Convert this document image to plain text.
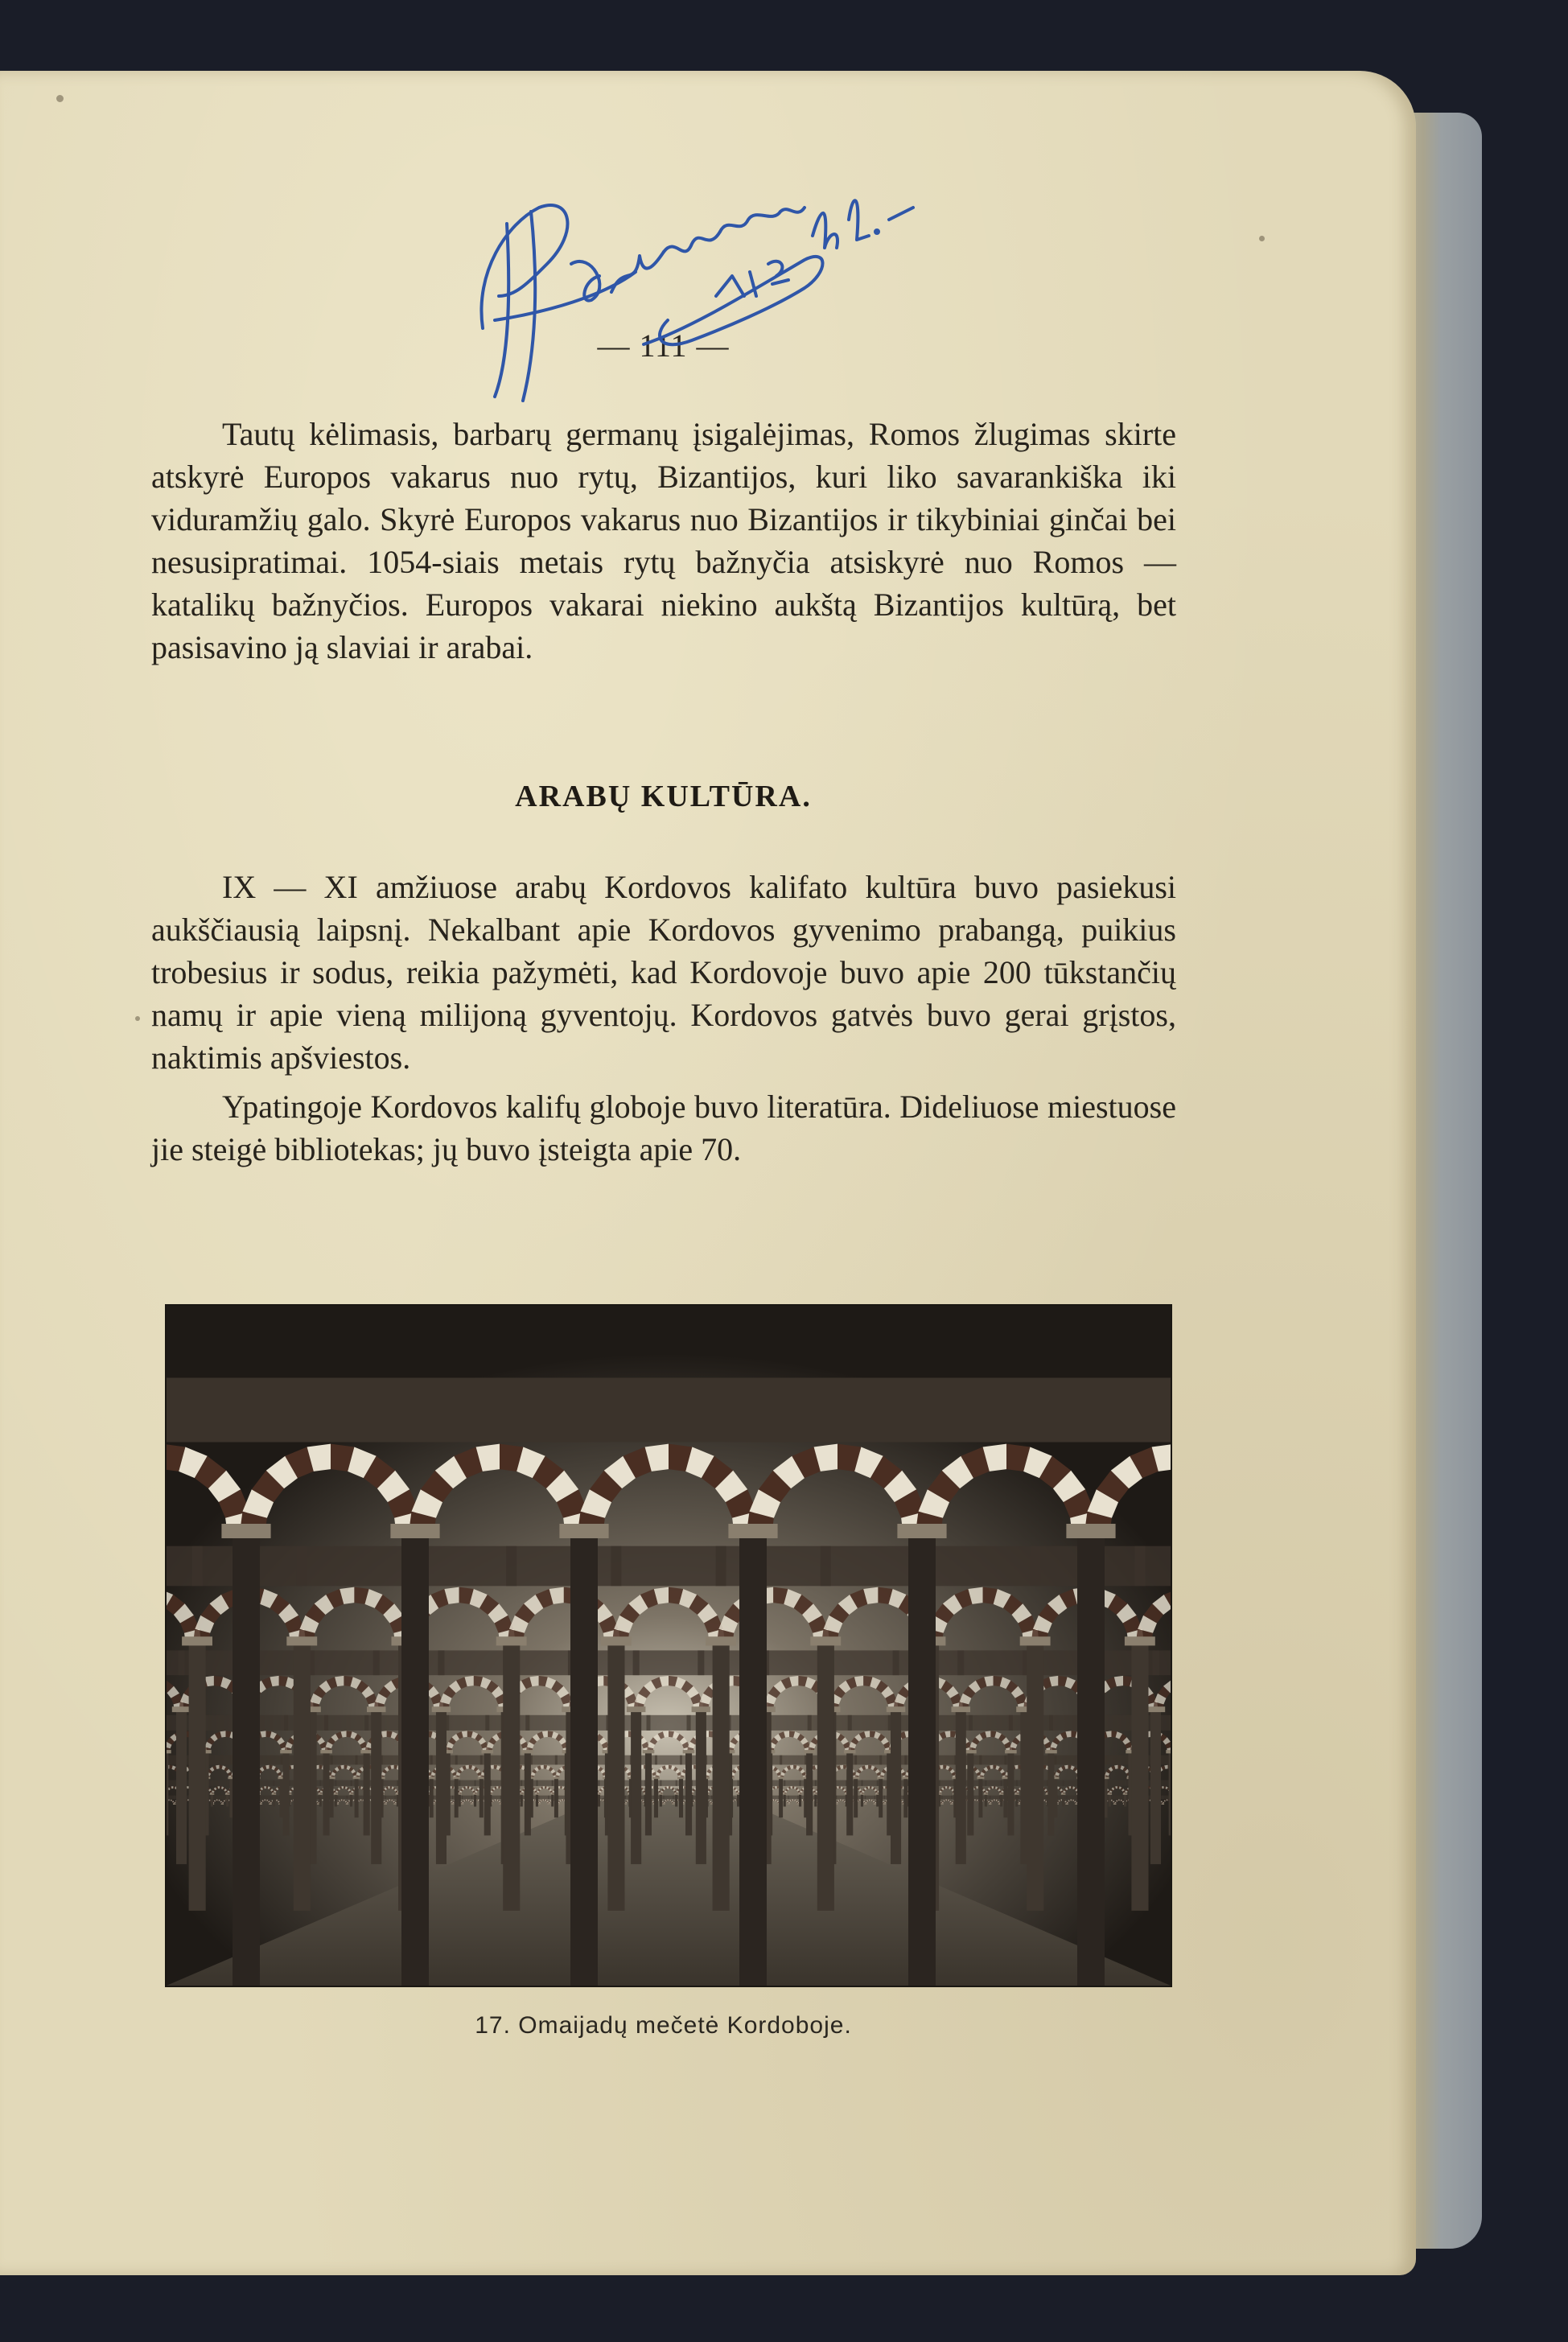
— 111 —

Tautų kėlimasis, barbarų germanų įsigalėjimas, Romos žlugimas skirte atskyrė Europos vakarus nuo rytų, Bizantijos, kuri liko savarankiška iki viduramžių galo. Skyrė Europos vakarus nuo Bizantijos ir tikybiniai ginčai bei nesusipratimai. 1054-siais metais rytų bažnyčia atsiskyrė nuo Romos — katalikų bažnyčios. Europos vakarai niekino aukštą Bizantijos kultūrą, bet pasisavino ją slaviai ir arabai.

ARABŲ KULTŪRA.

IX — XI amžiuose arabų Kordovos kalifato kultūra buvo pasiekusi aukščiausią laipsnį. Nekalbant apie Kordovos gyvenimo prabangą, puikius trobesius ir sodus, reikia pažymėti, kad Kordovoje buvo apie 200 tūkstančių namų ir apie vieną milijoną gyventojų. Kordovos gatvės buvo gerai grįstos, naktimis apšviestos.

Ypatingoje Kordovos kalifų globoje buvo literatūra. Dideliuose miestuose jie steigė bibliotekas; jų buvo įsteigta apie 70.

17. Omaijadų mečetė Kordoboje.
